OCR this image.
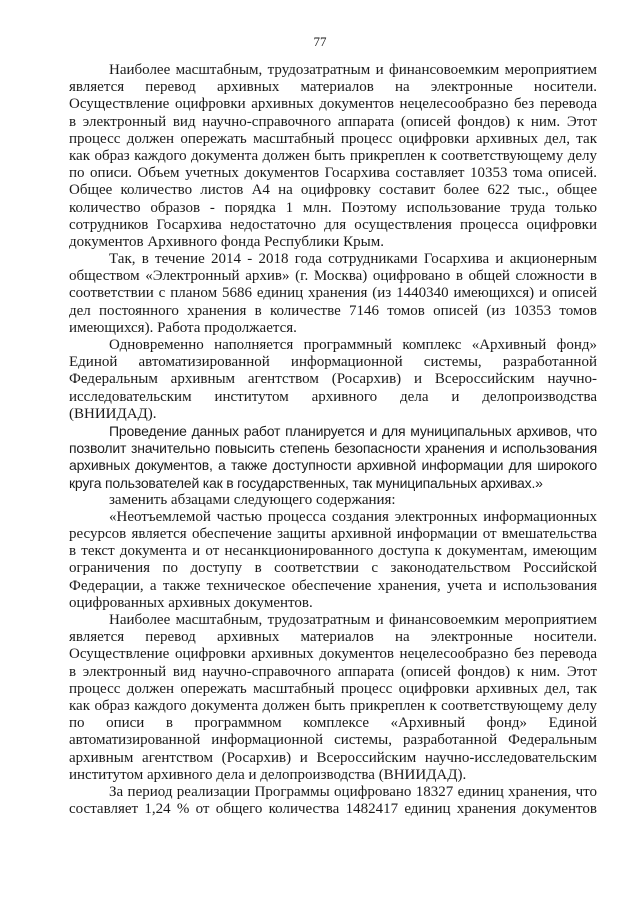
77
Наиболее масштабным, трудозатратным и финансовоемким мероприятием
является перевод архивных материалов на электронные носители.
Осуществление оцифровки архивных документов нецелесообразно без перевода
в электронный вид научно-справочного аппарата (описей фондов) к ним. Этот
процесс должен опережать масштабный процесс оцифровки архивных дел, так
как образ каждого документа должен быть прикреплен к соответствующему делу
по описи. Объем учетных документов Госархива составляет 10353 тома описей.
Общее количество листов А4 на оцифровку составит более 622 тыс., общее
количество образов - порядка 1 млн. Поэтому использование труда только
сотрудников Госархива недостаточно для осуществления процесса оцифровки
документов Архивного фонда Республики Крым.
Так, в течение 2014 - 2018 года сотрудниками Госархива и акционерным
обществом «Электронный архив» (г. Москва) оцифровано в общей сложности в
соответствии с планом 5686 единиц хранения (из 1440340 имеющихся) и описей
дел постоянного хранения в количестве 7146 томов описей (из 10353 томов
имеющихся). Работа продолжается.
Одновременно наполняется программный комплекс «Архивный фонд»
Единой автоматизированной информационной системы, разработанной
Федеральным архивным агентством (Росархив) и Всероссийским научно-
исследовательским институтом архивного дела и делопроизводства
(ВНИИДАД).
Проведение данных работ планируется и для муниципальных архивов, что
позволит значительно повысить степень безопасности хранения и использования
архивных документов, а также доступности архивной информации для широкого
круга пользователей как в государственных, так муниципальных архивах.»
заменить абзацами следующего содержания:
«Неотъемлемой частью процесса создания электронных информационных
ресурсов является обеспечение защиты архивной информации от вмешательства
в текст документа и от несанкционированного доступа к документам, имеющим
ограничения по доступу в соответствии с законодательством Российской
Федерации, а также техническое обеспечение хранения, учета и использования
оцифрованных архивных документов.
Наиболее масштабным, трудозатратным и финансовоемким мероприятием
является перевод архивных материалов на электронные носители.
Осуществление оцифровки архивных документов нецелесообразно без перевода
в электронный вид научно-справочного аппарата (описей фондов) к ним. Этот
процесс должен опережать масштабный процесс оцифровки архивных дел, так
как образ каждого документа должен быть прикреплен к соответствующему делу
по описи в программном комплексе «Архивный фонд» Единой
автоматизированной информационной системы, разработанной Федеральным
архивным агентством (Росархив) и Всероссийским научно-исследовательским
институтом архивного дела и делопроизводства (ВНИИДАД).
За период реализации Программы оцифровано 18327 единиц хранения, что
составляет 1,24 % от общего количества 1482417 единиц хранения документов
